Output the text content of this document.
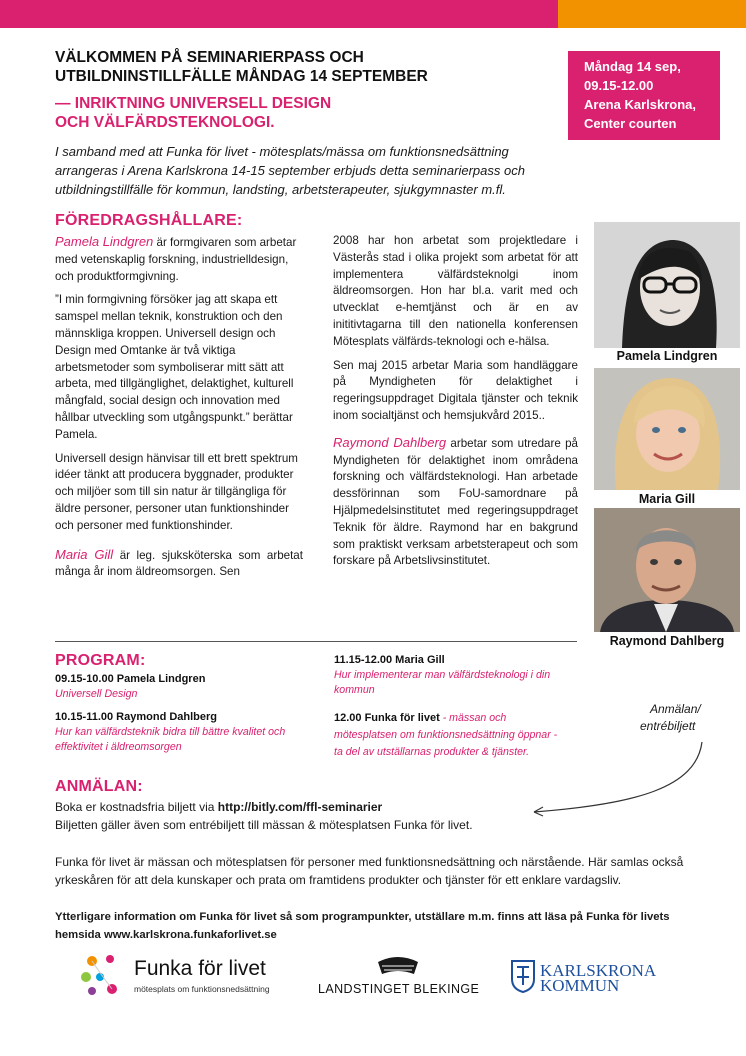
VÄLKOMMEN PÅ SEMINARIERPASS OCH
UTBILDNINSTILLFÄLLE MÅNDAG 14 SEPTEMBER
— INRIKTNING UNIVERSELL DESIGN
OCH VÄLFÄRDSTEKNOLOGI.
Måndag 14 sep,
09.15-12.00
Arena Karlskrona,
Center courten
I samband med att Funka för livet - mötesplats/mässa om funktionsnedsättning arrangeras i Arena Karlskrona 14-15 september erbjuds detta seminarierpass och utbildningstillfälle för kommun, landsting, arbetsterapeuter, sjukgymnaster m.fl.
FÖREDRAGSHÅLLARE:

Pamela Lindgren är formgivaren som arbetar med vetenskaplig forskning, industrielldesign, och produktformgivning.

”I min formgivning försöker jag att skapa ett samspel mellan teknik, konstruktion och den männskliga kroppen. Universell design och Design med Omtanke är två viktiga arbetsmetoder som symboliserar mitt sätt att arbeta, med tillgänglighet, delaktighet, kulturell mångfald, social design och innovation med hållbar utveckling som utgångspunkt.” berättar Pamela.

Universell design hänvisar till ett brett spektrum idéer tänkt att producera byggnader, produkter och miljöer som till sin natur är tillgängliga för äldre personer, personer utan funktionshinder och personer med funktionshinder.

Maria Gill är leg. sjuksköterska som arbetat många år inom äldreomsorgen. Sen

2008 har hon arbetat som projektledare i Västerås stad i olika projekt som arbetat för att implementera välfärdsteknolgi inom äldreomsorgen. Hon har bl.a. varit med och utvecklat e-hemtjänst och är en av inititivtagarna till den nationella konferensen Mötesplats välfärds-teknologi och e-hälsa.

Sen maj 2015 arbetar Maria som handläggare på Myndigheten för delaktighet i regeringsuppdraget Digitala tjänster och teknik inom socialtjänst och hemsjukvård 2015..

Raymond Dahlberg arbetar som utredare på Myndigheten för delaktighet inom områdena forskning och välfärdsteknologi. Han arbetade dessförinnan som FoU-samordnare på Hjälpmedelsinstitutet med regeringsuppdraget Teknik för äldre. Raymond har en bakgrund som praktiskt verksam arbetsterapeut och som forskare på Arbetslivsinstitutet.

Pamela Lindgren
Maria Gill
Raymond Dahlberg
PROGRAM:
09.15-10.00 Pamela Lindgren
Universell Design
10.15-11.00 Raymond Dahlberg
Hur kan välfärdsteknik bidra till bättre kvalitet och effektivitet i äldreomsorgen
11.15-12.00 Maria Gill
Hur implementerar man välfärdsteknologi i din kommun
12.00 Funka för livet - mässan och mötesplatsen om funktionsnedsättning öppnar - ta del av utställarnas produkter & tjänster.
Anmälan/
entrébiljett
ANMÄLAN:
Boka er kostnadsfria biljett via http://bitly.com/ffl-seminarier
Biljetten gäller även som entrébiljett till mässan & mötesplatsen Funka för livet.
Funka för livet är mässan och mötesplatsen för personer med funktionsnedsättning och närstående. Här samlas också yrkeskåren för att dela kunskaper och prata om framtidens produkter och tjänster för ett enklare vardagsliv.
Ytterligare information om Funka för livet så som programpunkter, utställare m.m. finns att läsa på Funka för livets hemsida www.karlskrona.funkaforlivet.se
Funka för livet
mötesplats om funktionsnedsättning	LANDSTINGET BLEKINGE
KARLSKRONA
KOMMUN
